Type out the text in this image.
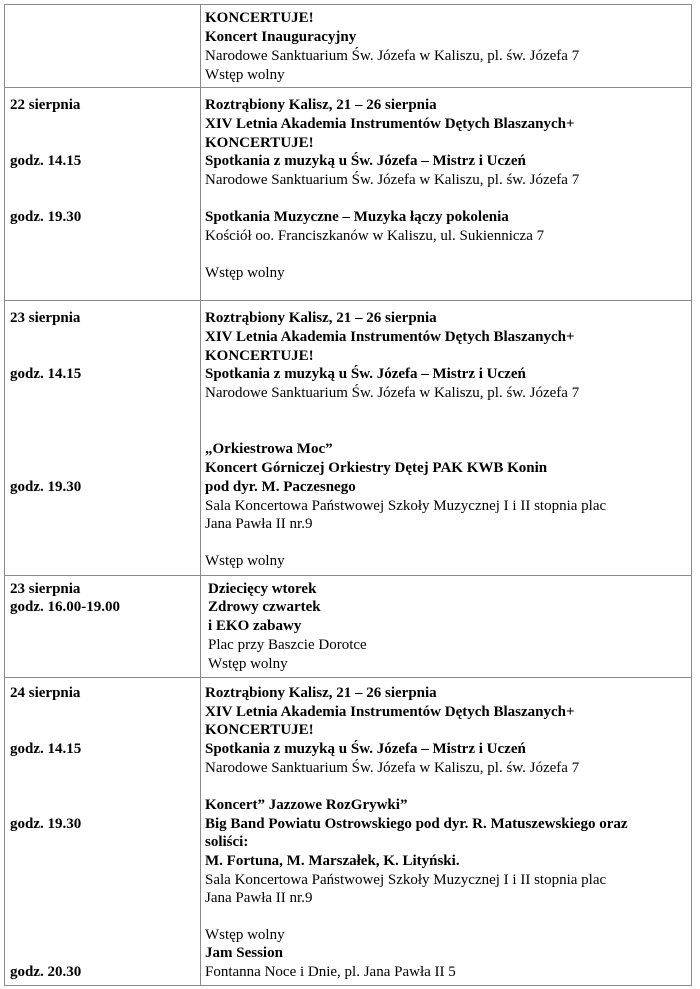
KONCERTUJE!
Koncert Inauguracyjny
Narodowe Sanktuarium Św. Józefa w Kaliszu, pl. św. Józefa 7
Wstęp wolny
22 sierpnia
godz. 14.15
godz. 19.30
Roztrąbiony Kalisz, 21 – 26 sierpnia
XIV Letnia Akademia Instrumentów Dętych Blaszanych+
KONCERTUJE!
Spotkania z muzyką u Św. Józefa – Mistrz i Uczeń
Narodowe Sanktuarium Św. Józefa w Kaliszu, pl. św. Józefa 7
Spotkania Muzyczne – Muzyka łączy pokolenia
Kościół oo. Franciszkanów w Kaliszu, ul. Sukiennicza 7
Wstęp wolny
23 sierpnia
godz. 14.15
godz. 19.30
Roztrąbiony Kalisz, 21 – 26 sierpnia
XIV Letnia Akademia Instrumentów Dętych Blaszanych+
KONCERTUJE!
Spotkania z muzyką u Św. Józefa – Mistrz i Uczeń
Narodowe Sanktuarium Św. Józefa w Kaliszu, pl. św. Józefa 7
„Orkiestrowa Moc”
Koncert Górniczej Orkiestry Dętej PAK KWB Konin
pod dyr. M. Paczesnego
Sala Koncertowa Państwowej Szkoły Muzycznej I i II stopnia plac
Jana Pawła II nr.9
Wstęp wolny
23 sierpnia
godz. 16.00-19.00
Dziecięcy wtorek
Zdrowy czwartek
i EKO zabawy
Plac przy Baszcie Dorotce
Wstęp wolny
24 sierpnia
godz. 14.15
godz. 19.30
godz. 20.30
Roztrąbiony Kalisz, 21 – 26 sierpnia
XIV Letnia Akademia Instrumentów Dętych Blaszanych+
KONCERTUJE!
Spotkania z muzyką u Św. Józefa – Mistrz i Uczeń
Narodowe Sanktuarium Św. Józefa w Kaliszu, pl. św. Józefa 7
Koncert” Jazzowe RozGrywki”
Big Band Powiatu Ostrowskiego pod dyr. R. Matuszewskiego oraz
soliści:
M. Fortuna, M. Marszałek, K. Lityński.
Sala Koncertowa Państwowej Szkoły Muzycznej I i II stopnia plac
Jana Pawła II nr.9
Wstęp wolny
Jam Session
Fontanna Noce i Dnie, pl. Jana Pawła II 5
